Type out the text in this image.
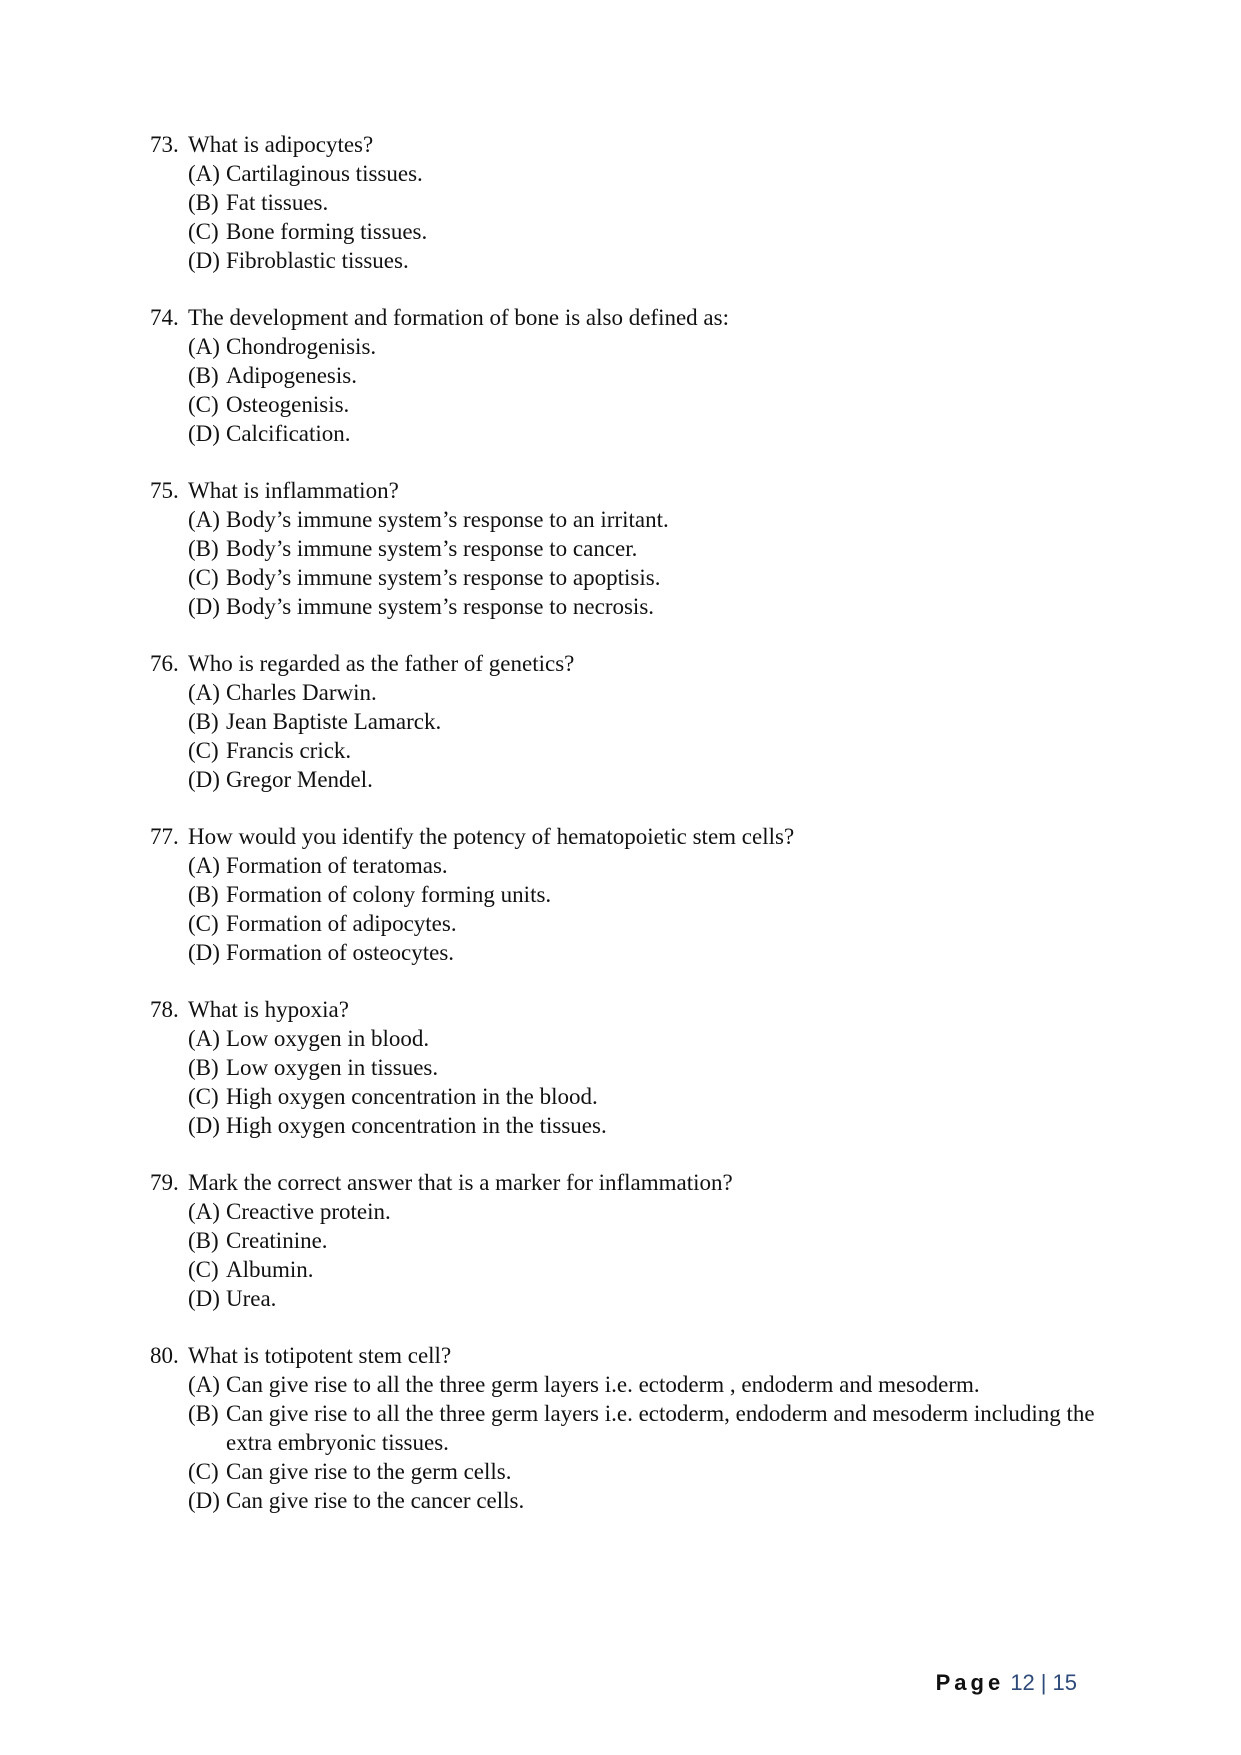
73. What is adipocytes?
(A) Cartilaginous tissues.
(B) Fat tissues.
(C) Bone forming tissues.
(D) Fibroblastic tissues.
74. The development and formation of bone is also defined as:
(A) Chondrogenisis.
(B) Adipogenesis.
(C) Osteogenisis.
(D) Calcification.
75. What is inflammation?
(A) Body’s immune system’s response to an irritant.
(B) Body’s immune system’s response to cancer.
(C) Body’s immune system’s response to apoptisis.
(D) Body’s immune system’s response to necrosis.
76. Who is regarded as the father of genetics?
(A) Charles Darwin.
(B) Jean Baptiste Lamarck.
(C) Francis crick.
(D) Gregor Mendel.
77. How would you identify the potency of hematopoietic stem cells?
(A) Formation of teratomas.
(B) Formation of colony forming units.
(C) Formation of adipocytes.
(D) Formation of osteocytes.
78. What is hypoxia?
(A) Low oxygen in blood.
(B) Low oxygen in tissues.
(C) High oxygen concentration in the blood.
(D) High oxygen concentration in the tissues.
79. Mark the correct answer that is a marker for inflammation?
(A) Creactive protein.
(B) Creatinine.
(C) Albumin.
(D) Urea.
80. What is totipotent stem cell?
(A) Can give rise to all the three germ layers i.e. ectoderm , endoderm and mesoderm.
(B) Can give rise to all the three germ layers i.e. ectoderm, endoderm and mesoderm including the extra embryonic tissues.
(C) Can give rise to the germ cells.
(D) Can give rise to the cancer cells.
Page 12 | 15
